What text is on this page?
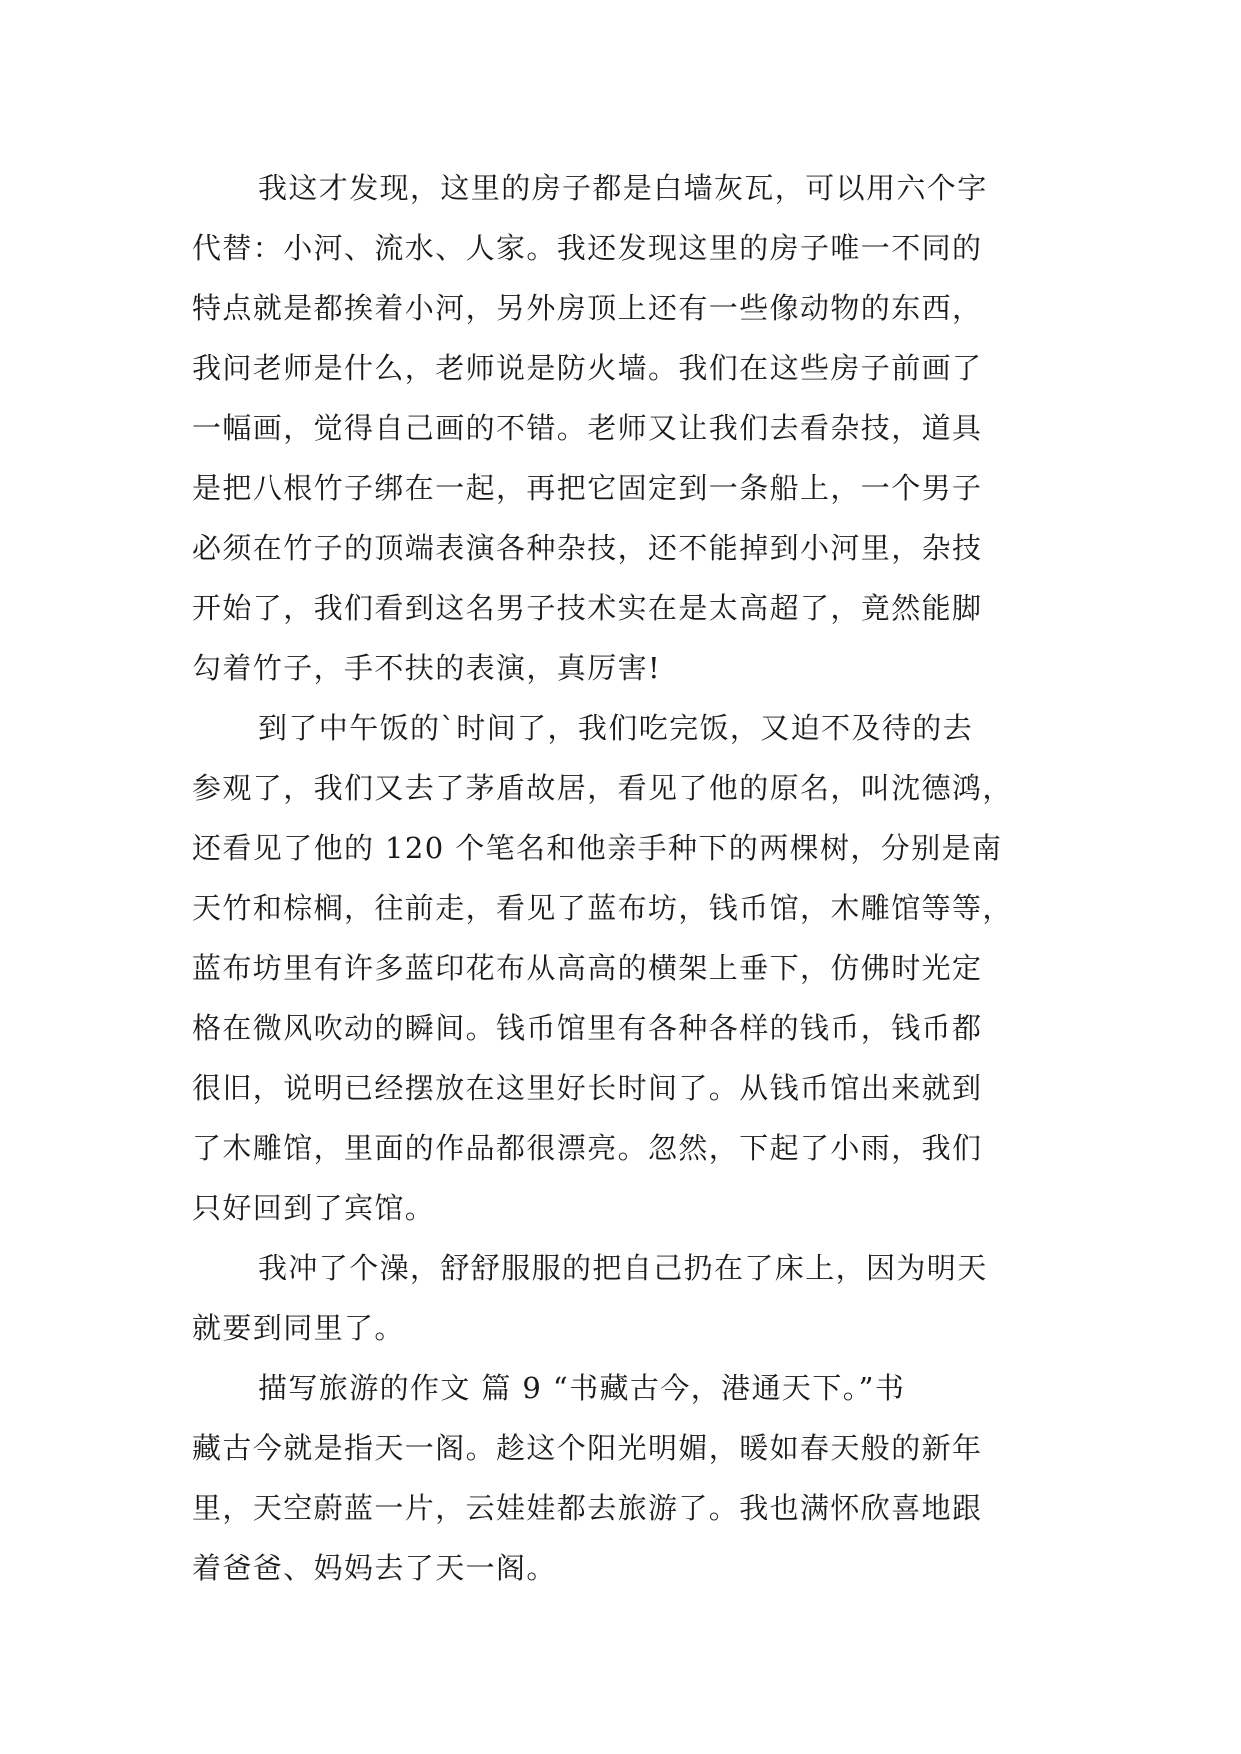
我这才发现，这里的房子都是白墙灰瓦，可以用六个字
代替：小河、流水、人家。我还发现这里的房子唯一不同的
特点就是都挨着小河，另外房顶上还有一些像动物的东西，
我问老师是什么，老师说是防火墙。我们在这些房子前画了
一幅画，觉得自己画的不错。老师又让我们去看杂技，道具
是把八根竹子绑在一起，再把它固定到一条船上，一个男子
必须在竹子的顶端表演各种杂技，还不能掉到小河里，杂技
开始了，我们看到这名男子技术实在是太高超了，竟然能脚
勾着竹子，手不扶的表演，真厉害!
到了中午饭的`时间了，我们吃完饭，又迫不及待的去
参观了，我们又去了茅盾故居，看见了他的原名，叫沈德鸿，
还看见了他的 120 个笔名和他亲手种下的两棵树，分别是南
天竹和棕榈，往前走，看见了蓝布坊，钱币馆，木雕馆等等，
蓝布坊里有许多蓝印花布从高高的横架上垂下，仿佛时光定
格在微风吹动的瞬间。钱币馆里有各种各样的钱币，钱币都
很旧，说明已经摆放在这里好长时间了。从钱币馆出来就到
了木雕馆，里面的作品都很漂亮。忽然，下起了小雨，我们
只好回到了宾馆。
我冲了个澡，舒舒服服的把自己扔在了床上，因为明天
就要到同里了。
描写旅游的作文 篇 9 “书藏古今，港通天下。”书
藏古今就是指天一阁。趁这个阳光明媚，暖如春天般的新年
里，天空蔚蓝一片，云娃娃都去旅游了。我也满怀欣喜地跟
着爸爸、妈妈去了天一阁。
